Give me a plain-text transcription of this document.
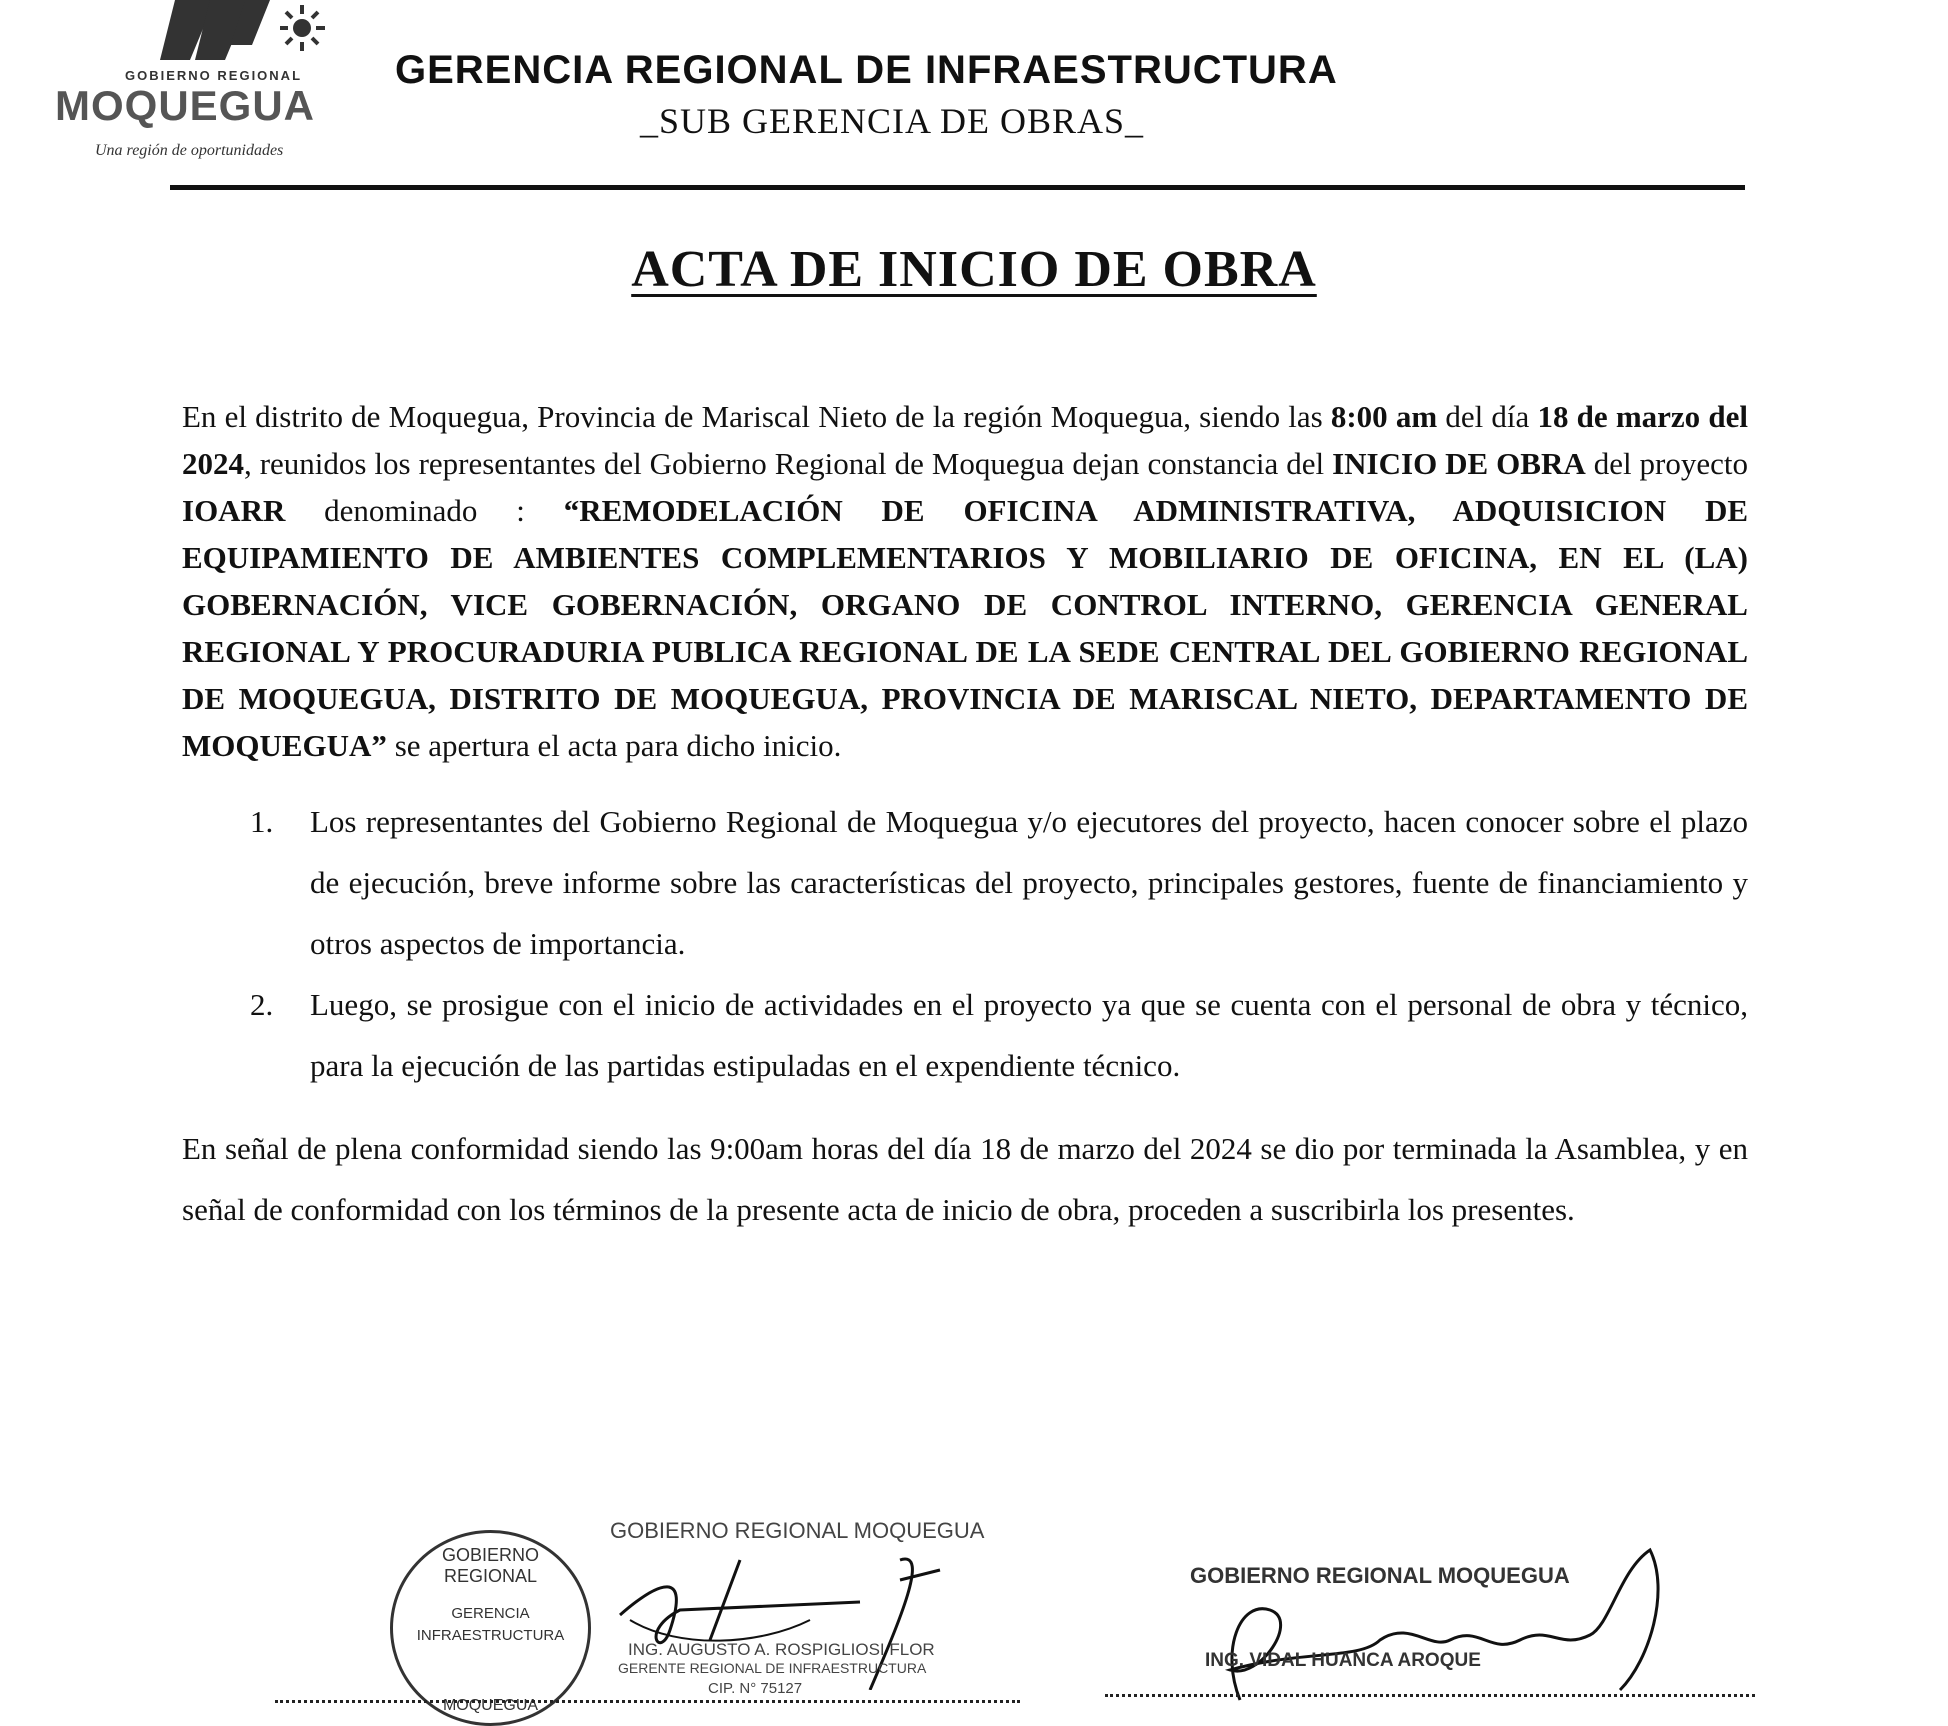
GOBIERNO REGIONAL
MOQUEGUA
Una región de oportunidades
GERENCIA REGIONAL DE INFRAESTRUCTURA
_SUB GERENCIA DE OBRAS_
ACTA DE INICIO DE OBRA

En el distrito de Moquegua, Provincia de Mariscal Nieto de la región Moquegua, siendo las 8:00 am del día 18 de marzo del 2024, reunidos los representantes del Gobierno Regional de Moquegua dejan constancia del INICIO DE OBRA del proyecto IOARR denominado : “REMODELACIÓN DE OFICINA ADMINISTRATIVA, ADQUISICION DE EQUIPAMIENTO DE AMBIENTES COMPLEMENTARIOS Y MOBILIARIO DE OFICINA, EN EL (LA) GOBERNACIÓN, VICE GOBERNACIÓN, ORGANO DE CONTROL INTERNO, GERENCIA GENERAL REGIONAL Y PROCURADURIA PUBLICA REGIONAL DE LA SEDE CENTRAL DEL GOBIERNO REGIONAL DE MOQUEGUA, DISTRITO DE MOQUEGUA, PROVINCIA DE MARISCAL NIETO, DEPARTAMENTO DE MOQUEGUA” se apertura el acta para dicho inicio.

1. Los representantes del Gobierno Regional de Moquegua y/o ejecutores del proyecto, hacen conocer sobre el plazo de ejecución, breve informe sobre las características del proyecto, principales gestores, fuente de financiamiento y otros aspectos de importancia.
2. Luego, se prosigue con el inicio de actividades en el proyecto ya que se cuenta con el personal de obra y técnico, para la ejecución de las partidas estipuladas en el expendiente técnico.

En señal de plena conformidad siendo las 9:00am horas del día 18 de marzo del 2024 se dio por terminada la Asamblea, y en señal de conformidad con los términos de la presente acta de inicio de obra, proceden a suscribirla los presentes.

GOBIERNO REGIONAL
GERENCIA
INFRAESTRUCTURA
MOQUEGUA
GOBIERNO REGIONAL MOQUEGUA
ING. AUGUSTO A. ROSPIGLIOSI FLOR
GERENTE REGIONAL DE INFRAESTRUCTURA
CIP. N° 75127
GOBIERNO REGIONAL MOQUEGUA
ING. VIDAL HUANCA AROQUE
